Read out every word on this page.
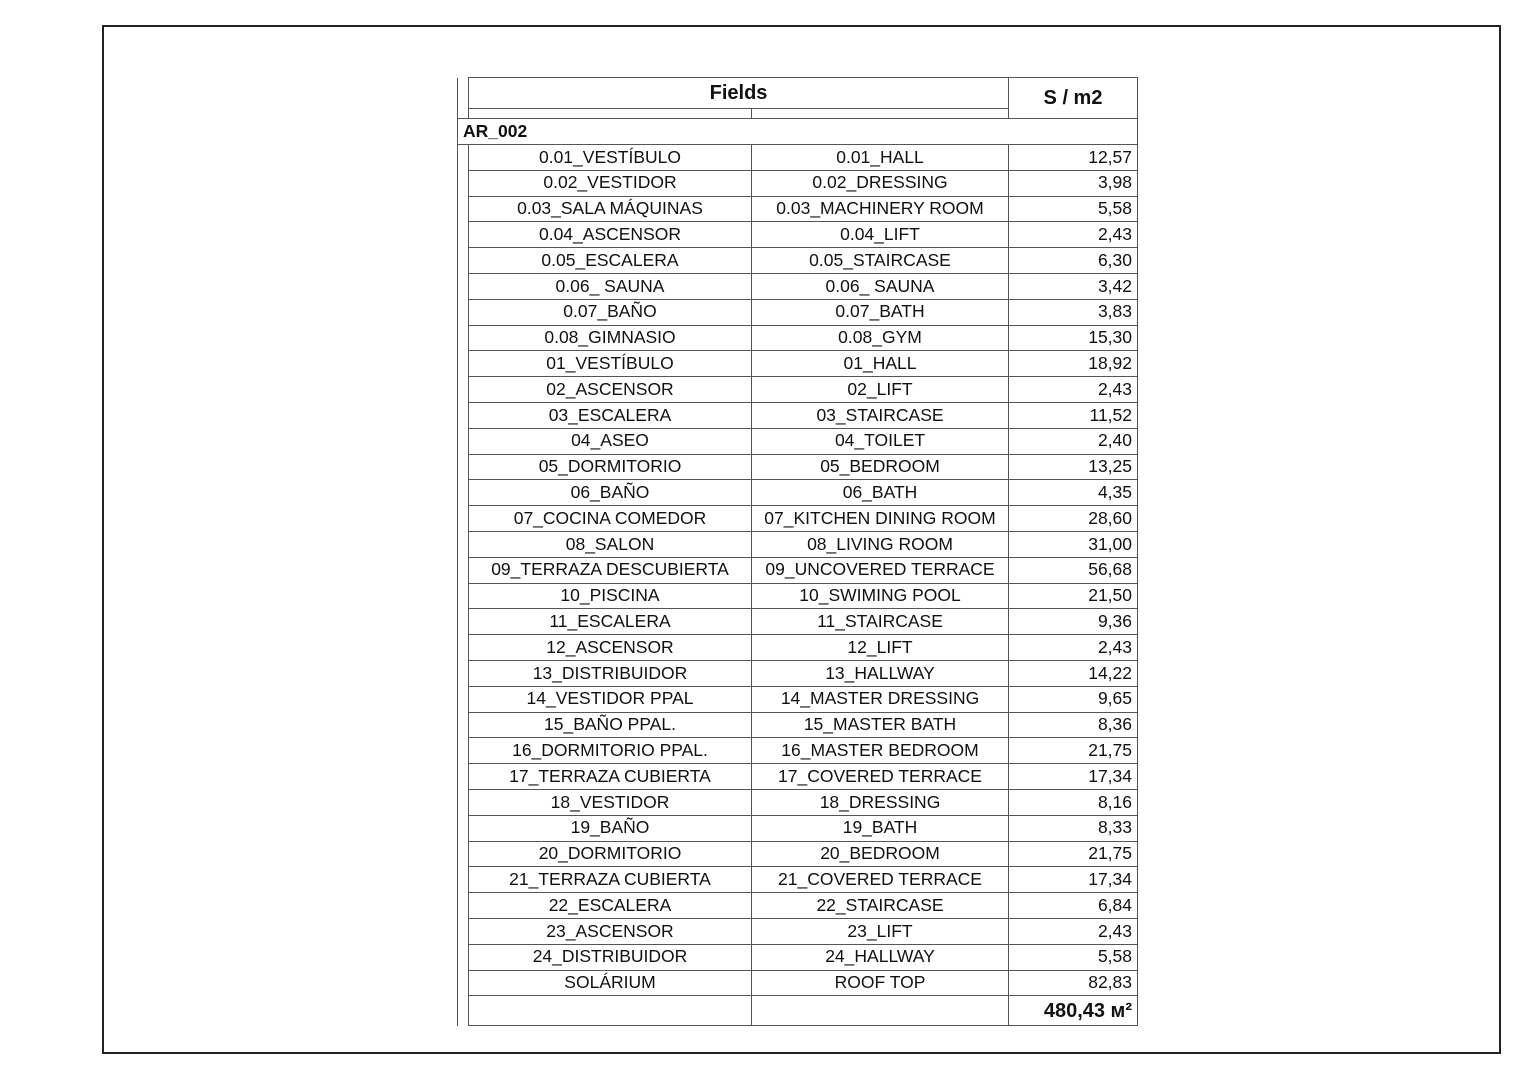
	Fields		S / m2

AR_002			
	0.01_VESTÍBULO	0.01_HALL	12,57
	0.02_VESTIDOR	0.02_DRESSING	3,98
	0.03_SALA MÁQUINAS	0.03_MACHINERY ROOM	5,58
	0.04_ASCENSOR	0.04_LIFT	2,43
	0.05_ESCALERA	0.05_STAIRCASE	6,30
	0.06_ SAUNA	0.06_ SAUNA	3,42
	0.07_BAÑO	0.07_BATH	3,83
	0.08_GIMNASIO	0.08_GYM	15,30
	01_VESTÍBULO	01_HALL	18,92
	02_ASCENSOR	02_LIFT	2,43
	03_ESCALERA	03_STAIRCASE	11,52
	04_ASEO	04_TOILET	2,40
	05_DORMITORIO	05_BEDROOM	13,25
	06_BAÑO	06_BATH	4,35
	07_COCINA COMEDOR	07_KITCHEN DINING ROOM	28,60
	08_SALON	08_LIVING ROOM	31,00
	09_TERRAZA DESCUBIERTA	09_UNCOVERED TERRACE	56,68
	10_PISCINA	10_SWIMING POOL	21,50
	11_ESCALERA	11_STAIRCASE	9,36
	12_ASCENSOR	12_LIFT	2,43
	13_DISTRIBUIDOR	13_HALLWAY	14,22
	14_VESTIDOR PPAL	14_MASTER DRESSING	9,65
	15_BAÑO PPAL.	15_MASTER BATH	8,36
	16_DORMITORIO PPAL.	16_MASTER BEDROOM	21,75
	17_TERRAZA CUBIERTA	17_COVERED TERRACE	17,34
	18_VESTIDOR	18_DRESSING	8,16
	19_BAÑO	19_BATH	8,33
	20_DORMITORIO	20_BEDROOM	21,75
	21_TERRAZA CUBIERTA	21_COVERED TERRACE	17,34
	22_ESCALERA	22_STAIRCASE	6,84
	23_ASCENSOR	23_LIFT	2,43
	24_DISTRIBUIDOR	24_HALLWAY	5,58
	SOLÁRIUM	ROOF TOP	82,83
			480,43 м²
